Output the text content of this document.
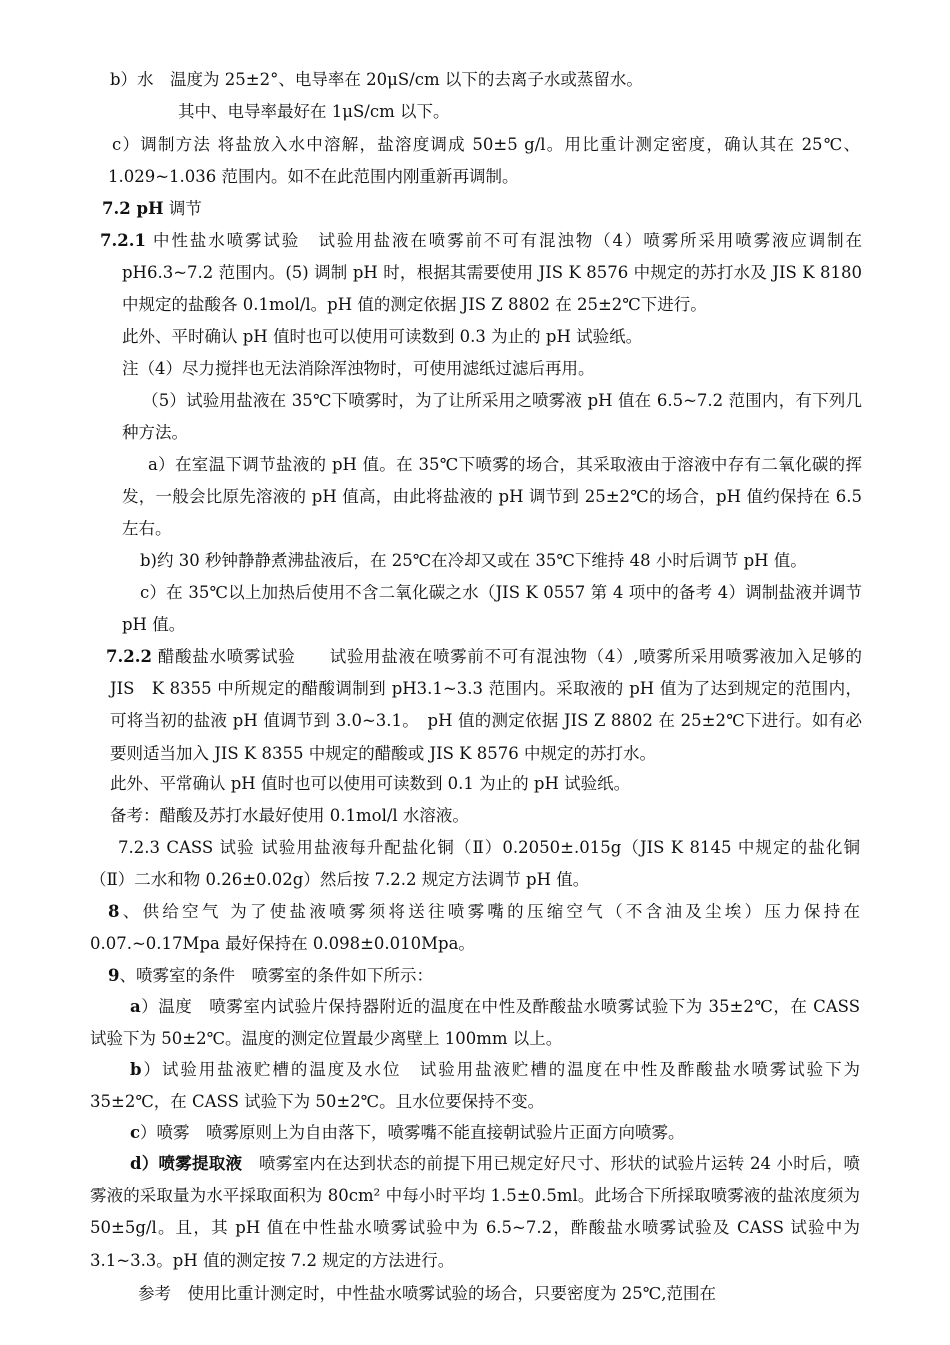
b）水　温度为 25±2°、电导率在 20μS/cm 以下的去离子水或蒸留水。

其中、电导率最好在 1μS/cm 以下。

c）调制方法 将盐放入水中溶解，盐溶度调成 50±5 g/l。用比重计测定密度，确认其在 25℃、1.029~1.036 范围内。如不在此范围内刚重新再调制。

7.2 pH 调节

7.2.1 中性盐水喷雾试验　试验用盐液在喷雾前不可有混浊物（4）喷雾所采用喷雾液应调制在 pH6.3~7.2 范围内。(5) 调制 pH 时，根据其需要使用 JIS K 8576 中规定的苏打水及 JIS K 8180 中规定的盐酸各 0.1mol/l。pH 值的测定依据 JIS Z 8802 在 25±2℃下进行。

此外、平时确认 pH 值时也可以使用可读数到 0.3 为止的 pH 试验纸。

注（4）尽力搅拌也无法消除浑浊物时，可使用滤纸过滤后再用。

（5）试验用盐液在 35℃下喷雾时，为了让所采用之喷雾液 pH 值在 6.5~7.2 范围内，有下列几种方法。

a）在室温下调节盐液的 pH 值。在 35℃下喷雾的场合，其采取液由于溶液中存有二氧化碳的挥发，一般会比原先溶液的 pH 值高，由此将盐液的 pH 调节到 25±2℃的场合，pH 值约保持在 6.5 左右。

b)约 30 秒钟静静煮沸盐液后，在 25℃在冷却又或在 35℃下维持 48 小时后调节 pH 值。

c）在 35℃以上加热后使用不含二氧化碳之水（JIS K 0557 第 4 项中的备考 4）调制盐液并调节 pH 值。

7.2.2 醋酸盐水喷雾试验　　试验用盐液在喷雾前不可有混浊物（4）,喷雾所采用喷雾液加入足够的 JIS　K 8355 中所规定的醋酸调制到 pH3.1~3.3 范围内。采取液的 pH 值为了达到规定的范围内，可将当初的盐液 pH 值调节到 3.0~3.1。　pH 值的测定依据 JIS Z 8802 在 25±2℃下进行。如有必要则适当加入 JIS K 8355 中规定的醋酸或 JIS K 8576 中规定的苏打水。

此外、平常确认 pH 值时也可以使用可读数到 0.1 为止的 pH 试验纸。

备考：醋酸及苏打水最好使用 0.1mol/l 水溶液。

7.2.3 CASS 试验 试验用盐液每升配盐化铜（Ⅱ）0.2050±.015g（JIS K 8145 中规定的盐化铜（Ⅱ）二水和物 0.26±0.02g）然后按 7.2.2 规定方法调节 pH 值。

8、供给空气 为了使盐液喷雾须将送往喷雾嘴的压缩空气（不含油及尘埃）压力保持在 0.07.~0.17Mpa 最好保持在 0.098±0.010Mpa。

9、喷雾室的条件　喷雾室的条件如下所示：

a）温度　喷雾室内试验片保持器附近的温度在中性及酢酸盐水喷雾试验下为 35±2℃，在 CASS 试验下为 50±2℃。温度的测定位置最少离壁上 100mm 以上。

b）试验用盐液贮槽的温度及水位　试验用盐液贮槽的温度在中性及酢酸盐水喷雾试验下为 35±2℃，在 CASS 试验下为 50±2℃。且水位要保持不变。

c）喷雾　喷雾原则上为自由落下，喷雾嘴不能直接朝试验片正面方向喷雾。

d）喷雾提取液　喷雾室内在达到状态的前提下用已规定好尺寸、形状的试验片运转 24 小时后，喷雾液的采取量为水平採取面积为 80cm² 中每小时平均 1.5±0.5ml。此场合下所採取喷雾液的盐浓度须为 50±5g/l。且，其 pH 值在中性盐水喷雾试验中为 6.5~7.2，酢酸盐水喷雾试验及 CASS 试验中为 3.1~3.3。pH 值的测定按 7.2 规定的方法进行。

参考　使用比重计测定时，中性盐水喷雾试验的场合，只要密度为 25℃,范围在
